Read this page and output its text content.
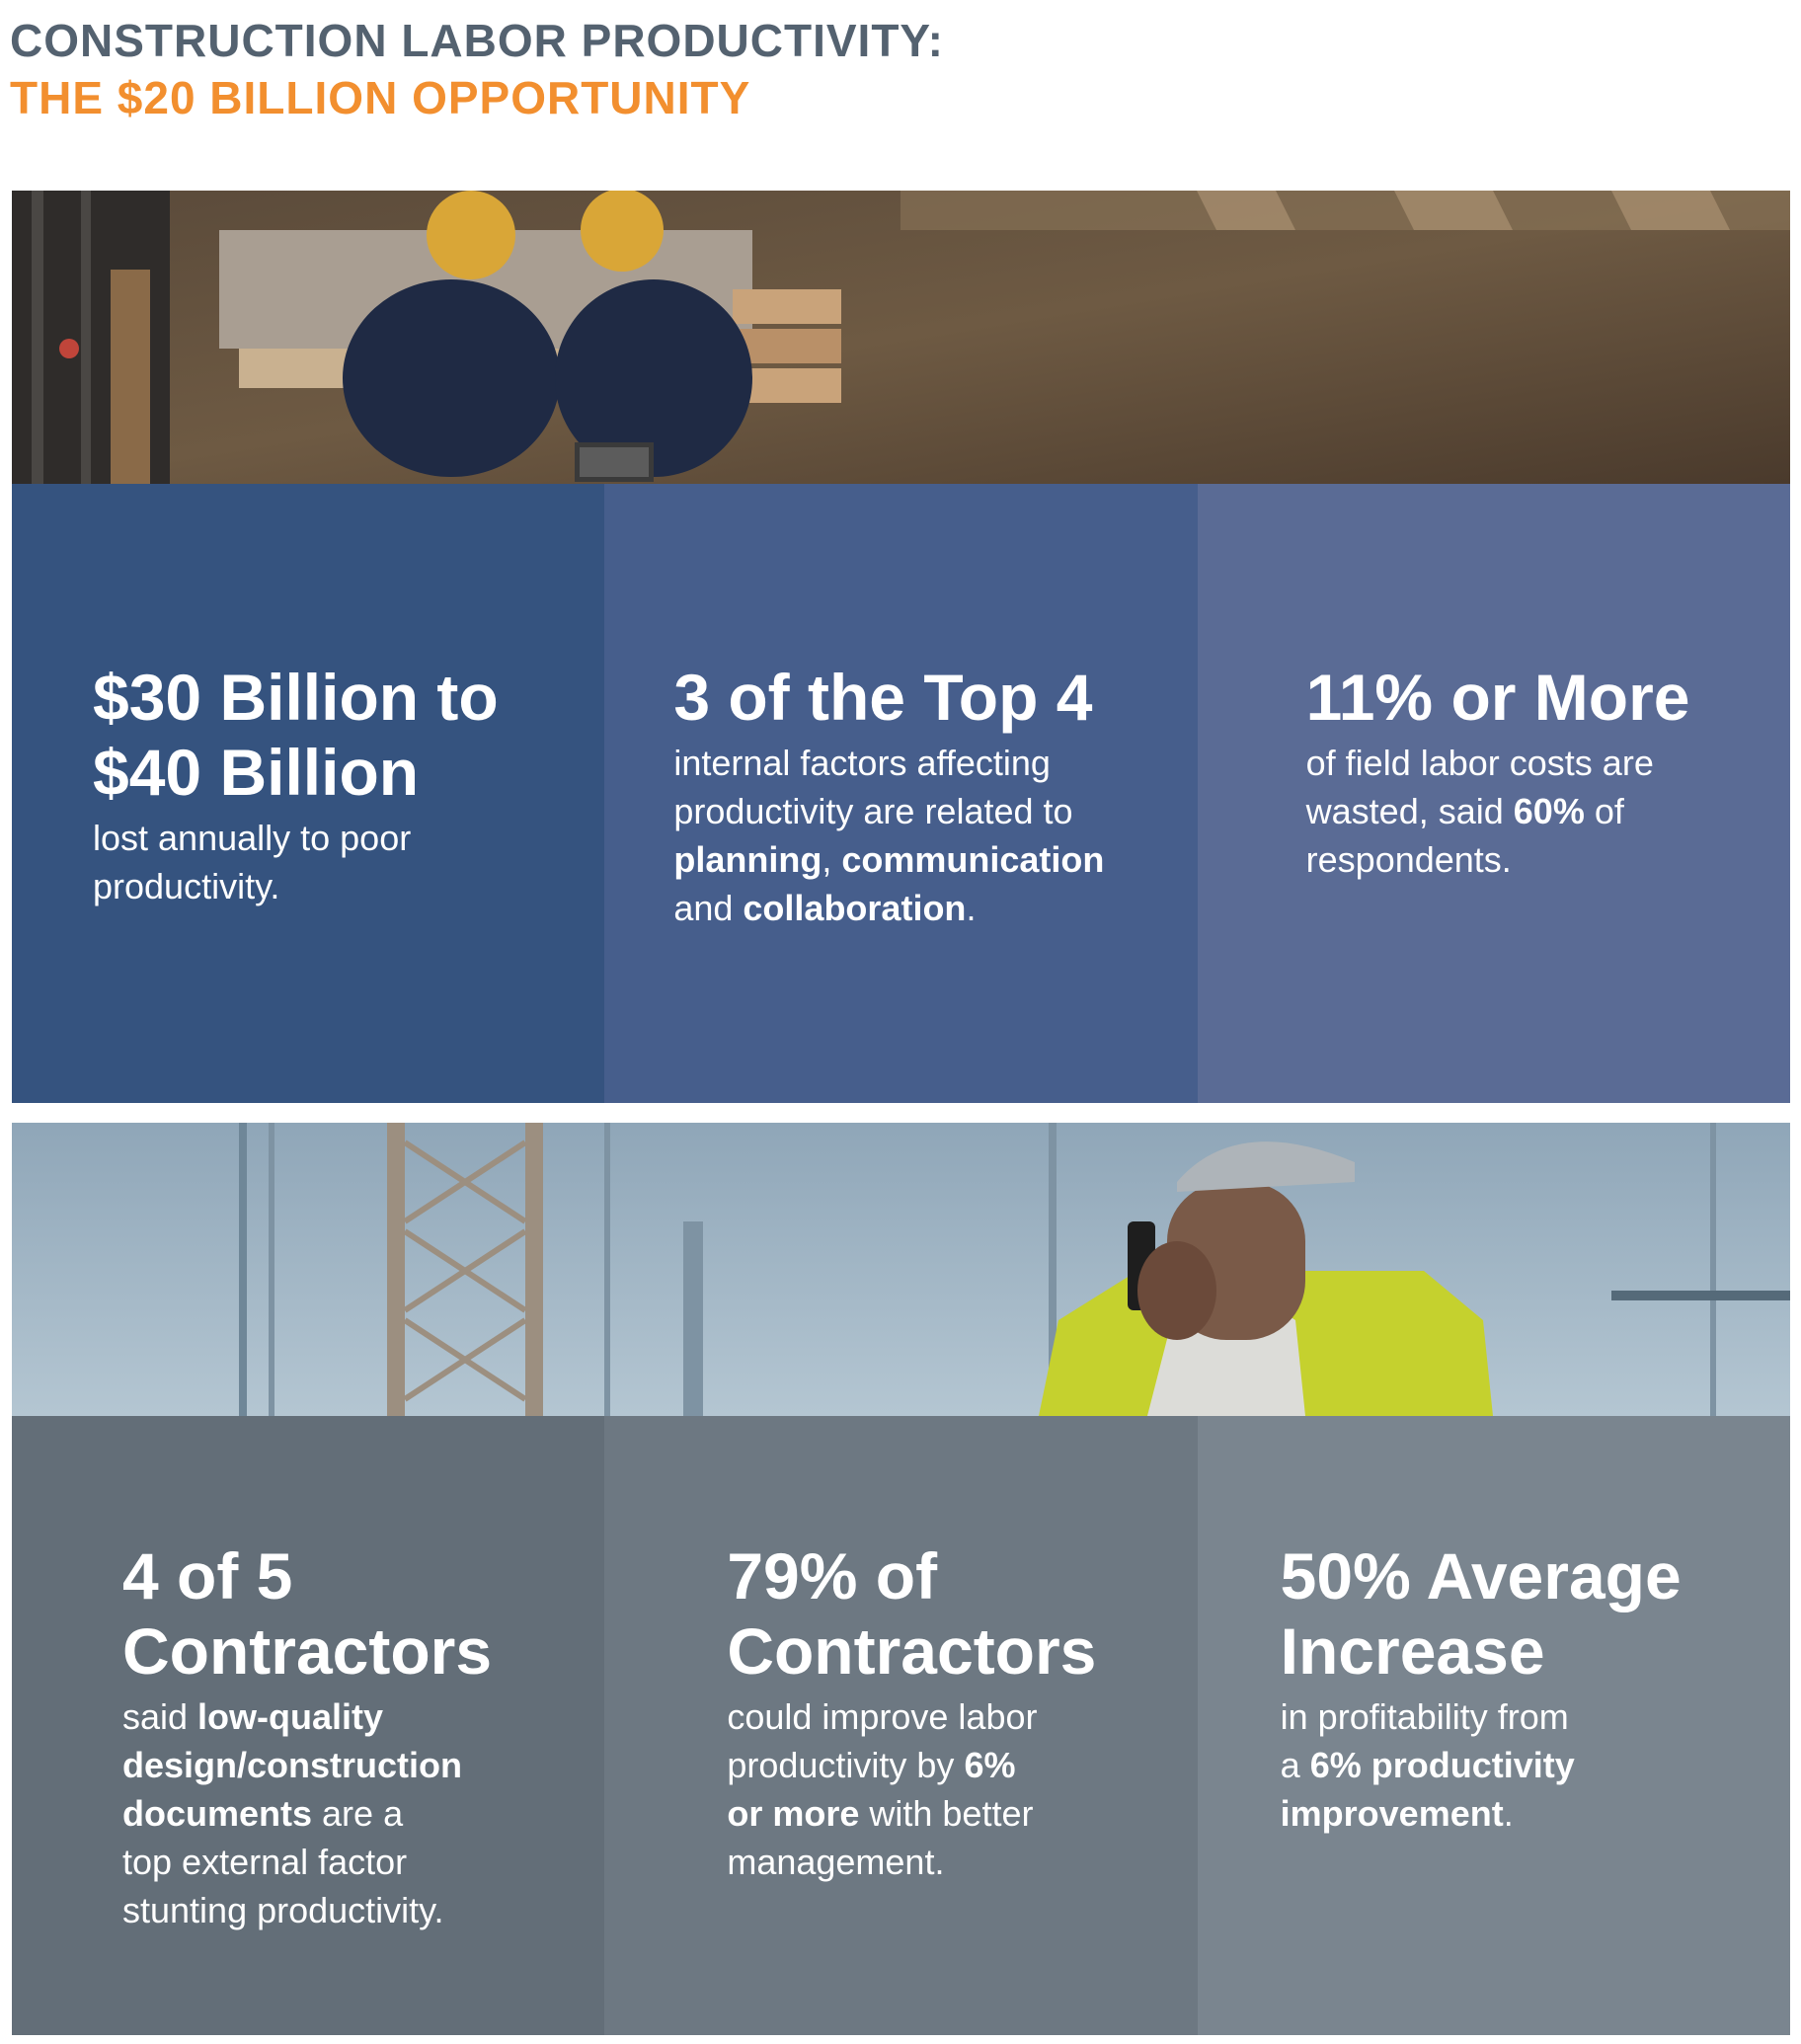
CONSTRUCTION LABOR PRODUCTIVITY:
THE $20 BILLION OPPORTUNITY

$30 Billion to
$40 Billion

lost annually to poor
productivity.

3 of the Top 4

internal factors affecting
productivity are related to
planning, communication
and collaboration.

11% or More

of field labor costs are
wasted, said 60% of
respondents.

4 of 5
Contractors

said low-quality
design/construction
documents are a
top external factor
stunting productivity.

79% of
Contractors

could improve labor
productivity by 6%
or more with better
management.

50% Average
Increase

in profitability from
a 6% productivity
improvement.
